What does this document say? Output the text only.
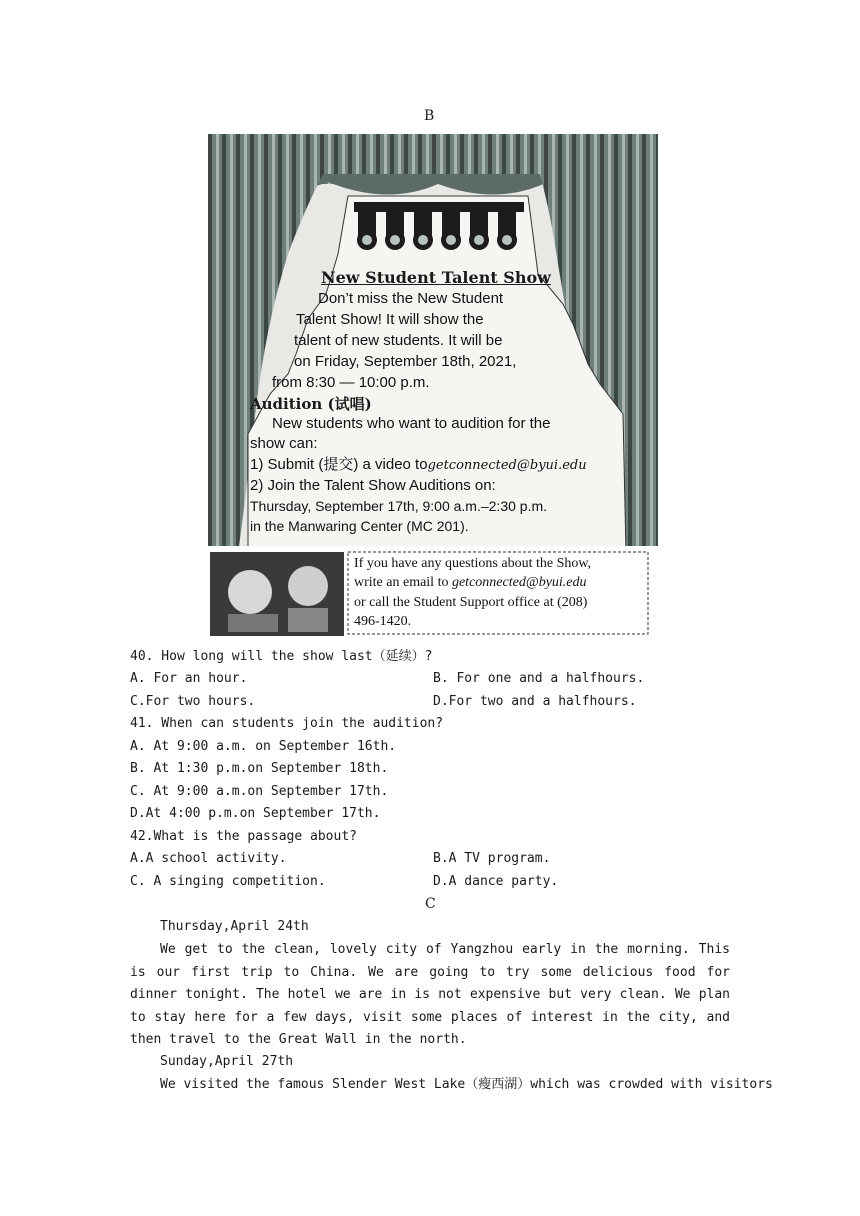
B
New Student Talent Show
Don’t miss the New Student
Talent Show! It will show the
talent of new students. It will be
on Friday, September 18th, 2021,
from 8:30 — 10:00 p.m.
Audition (试唱)
New students who want to audition for the
show can:
1) Submit (提交) a video togetconnected@byui.edu
2) Join the Talent Show Auditions on:
Thursday, September 17th, 9:00 a.m.–2:30 p.m.
in the Manwaring Center (MC 201).
If you have any questions about the Show,
write an email to getconnected@byui.edu
or call the Student Support office at (208)
496-1420.
40. How long will the show last（延续）?
A. For an hour.	B. For one and a halfhours.
C.For two hours.	D.For two and a halfhours.
41. When can students join the audition?
A. At 9:00 a.m. on September 16th.
B. At 1:30 p.m.on September 18th.
C. At 9:00 a.m.on September 17th.
D.At 4:00 p.m.on September 17th.
42.What is the passage about?
A.A school activity.	B.A TV program.
C. A singing competition.	D.A dance party.
C
Thursday,April 24th
We get to the clean, lovely city of Yangzhou early in the morning. This is our first trip to China. We are going to try some delicious food for dinner tonight. The hotel we are in is not expensive but very clean. We plan to stay here for a few days, visit some places of interest in the city, and then travel to the Great Wall in the north.
Sunday,April 27th
We visited the famous Slender West Lake（瘦西湖）which was crowded with visitors
